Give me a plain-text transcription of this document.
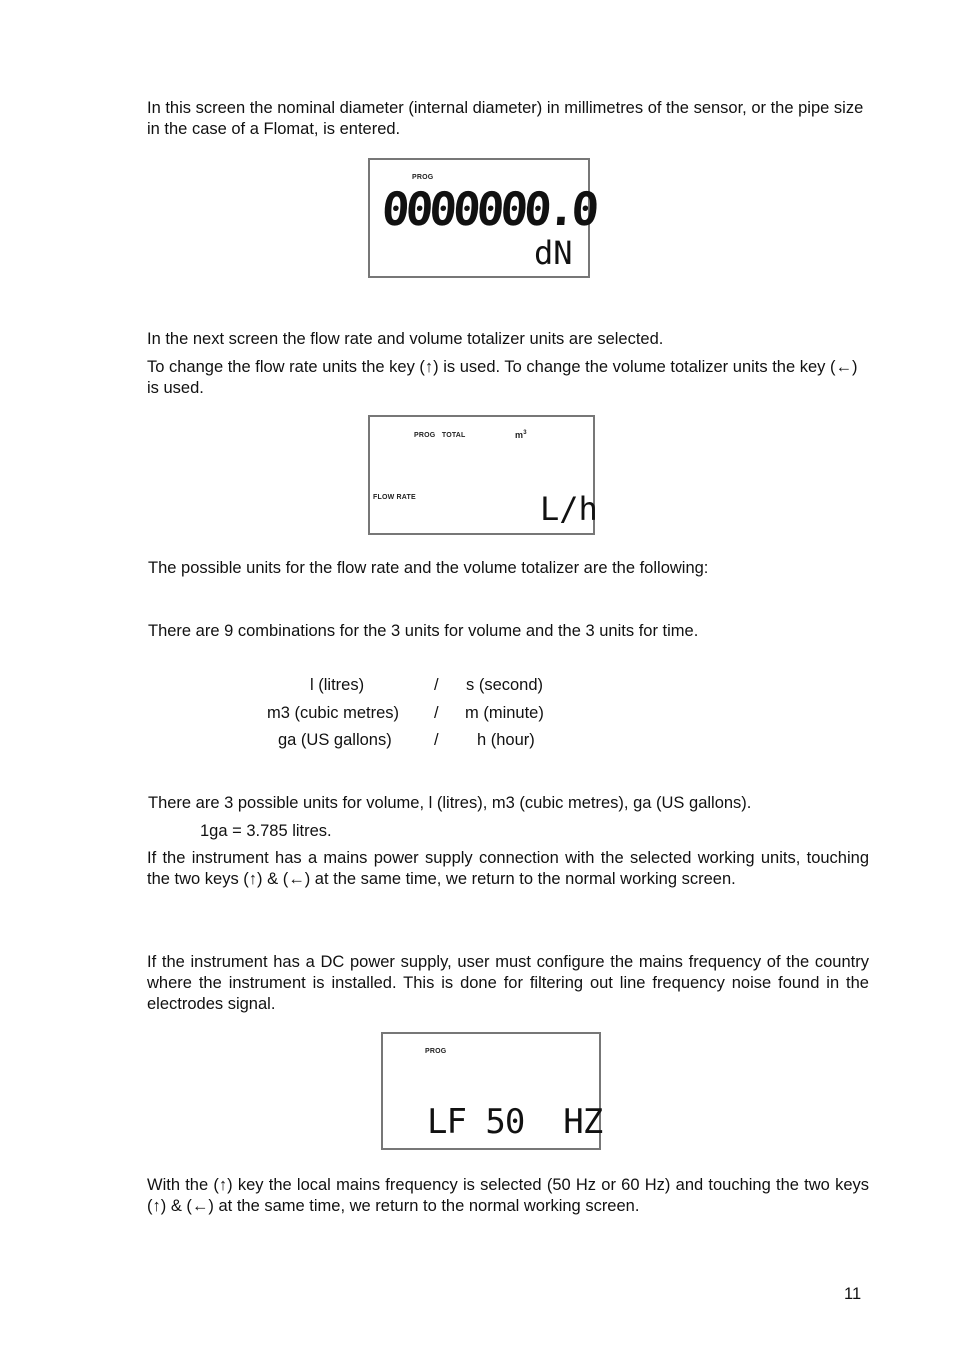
In this screen the nominal diameter (internal diameter) in millimetres of the sensor, or the pipe size in the case of a Flomat, is entered.

PROG
0000000.0
dN

In the next screen the flow rate and volume totalizer units are selected.

To change the flow rate units the key (↑) is used. To change the volume totalizer units the key (←) is used.

PROG   TOTAL	$m^3$
FLOW RATE	L/h

The possible units for the flow rate and the volume totalizer are the following:

There are 9 combinations for the 3 units for volume and the 3 units for time.

l (litres)	/ s (second)
m3 (cubic metres) / m (minute)
ga (US gallons)	/ h (hour)

There are 3 possible units for volume, l (litres), m3 (cubic metres), ga (US gallons).

1ga = 3.785 litres.

If the instrument has a mains power supply connection with the selected working units, touching the two keys (↑) & (←) at the same time, we return to the normal working screen.

If the instrument has a DC power supply, user must configure the mains frequency of the country where the instrument is installed. This is done for filtering out line frequency noise found in the electrodes signal.

PROG
LF 50  HZ

With the (↑) key the local mains frequency is selected (50 Hz or 60 Hz) and touching the two keys (↑) & (←) at the same time, we return to the normal working screen.

11
